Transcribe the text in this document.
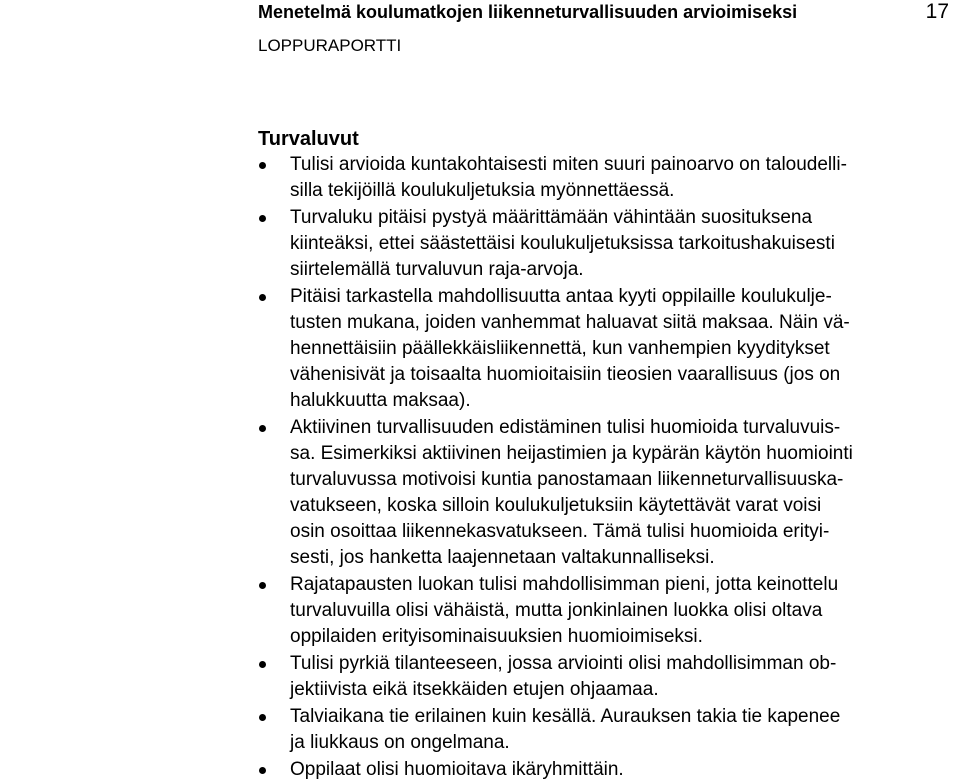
Menetelmä koulumatkojen liikenneturvallisuuden arvioimiseksi	17
LOPPURAPORTTI
Turvaluvut
Tulisi arvioida kuntakohtaisesti miten suuri painoarvo on taloudelli-
silla tekijöillä koulukuljetuksia myönnettäessä.
Turvaluku pitäisi pystyä määrittämään vähintään suosituksena
kiinteäksi, ettei säästettäisi koulukuljetuksissa tarkoitushakuisesti
siirtelemällä turvaluvun raja-arvoja.
Pitäisi tarkastella mahdollisuutta antaa kyyti oppilaille koulukulje-
tusten mukana, joiden vanhemmat haluavat siitä maksaa. Näin vä-
hennettäisiin päällekkäisliikennettä, kun vanhempien kyyditykset
vähenisivät ja toisaalta huomioitaisiin tieosien vaarallisuus (jos on
halukkuutta maksaa).
Aktiivinen turvallisuuden edistäminen tulisi huomioida turvaluvuis-
sa. Esimerkiksi aktiivinen heijastimien ja kypärän käytön huomiointi
turvaluvussa motivoisi kuntia panostamaan liikenneturvallisuuska-
vatukseen, koska silloin koulukuljetuksiin käytettävät varat voisi
osin osoittaa liikennekasvatukseen. Tämä tulisi huomioida erityi-
sesti, jos hanketta laajennetaan valtakunnalliseksi.
Rajatapausten luokan tulisi mahdollisimman pieni, jotta keinottelu
turvaluvuilla olisi vähäistä, mutta jonkinlainen luokka olisi oltava
oppilaiden erityisominaisuuksien huomioimiseksi.
Tulisi pyrkiä tilanteeseen, jossa arviointi olisi mahdollisimman ob-
jektiivista eikä itsekkäiden etujen ohjaamaa.
Talviaikana tie erilainen kuin kesällä. Aurauksen takia tie kapenee
ja liukkaus on ongelmana.
Oppilaat olisi huomioitava ikäryhmittäin.
